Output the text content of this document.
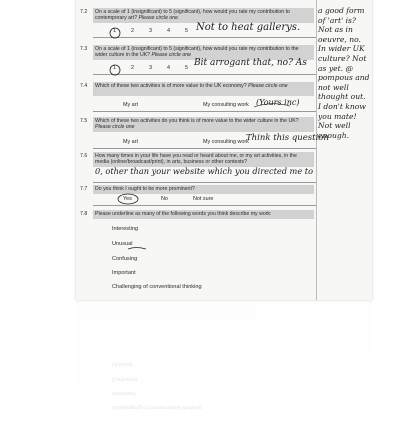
7.2	On a scale of 1 (insignificant) to 5 (significant), how would you rate my contribution to contemporary art? Please circle one
1	2	3	4	5
7.3	On a scale of 1 (insignificant) to 5 (significant), how would you rate my contribution to the wider culture in the UK? Please circle one
1	2	3	4	5
7.4	Which of these two activities is of more value to the UK economy? Please circle one
My art	My consulting work
7.5	Which of these two activities do you think is of more value to the wider culture in the UK? Please circle one
My art	My consulting work
7.6	How many times in your life have you read or heard about me, or my art activities, in the media (online/broadcast/print), in arts, business or other contexts?
7.7	Do you think I ought to be more prominent?
Yes	No	Not sure
7.8	Please underline as many of the following words you think describe my work:
Interesting
Unusual
Confusing
Important
Challenging of conventional thinking
Not to heat gallerys.
Bit arrogant that, no? As
(Yours inc)
Think this question
0, other than your website which you directed me to
a good form of 'art' is? Not as in oeuvre, no. In wider UK culture? Not as yet. @ pompous and not well thought out. I don't know you mate! Not well enough.
Challenging of conventional thinking
Important
Confusing
Unusual
